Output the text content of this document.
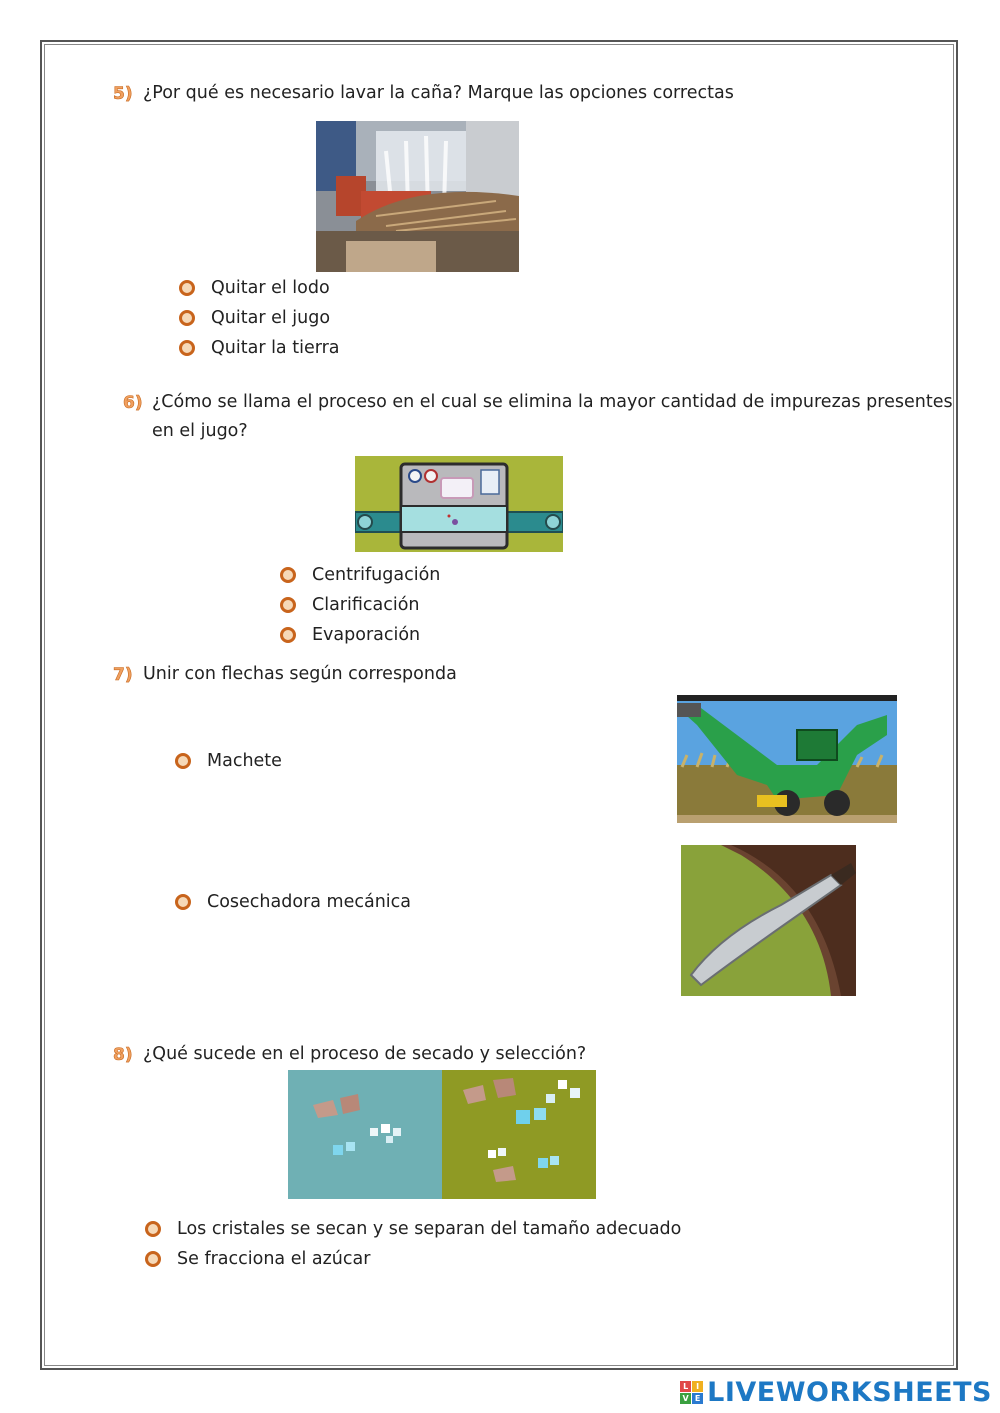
5) ¿Por qué es necesario lavar la caña? Marque las opciones correctas
Quitar el lodo
Quitar el jugo
Quitar la tierra
6) ¿Cómo se llama el proceso en el cual se elimina la mayor cantidad de impurezas presentes
en el jugo?
Centrifugación
Clarificación
Evaporación
7) Unir con flechas según corresponda
Machete
Cosechadora mecánica
8) ¿Qué sucede en el proceso de secado y selección?
Los cristales se secan y se separan del tamaño adecuado
Se fracciona el azúcar
L I
V E LIVEWORKSHEETS
